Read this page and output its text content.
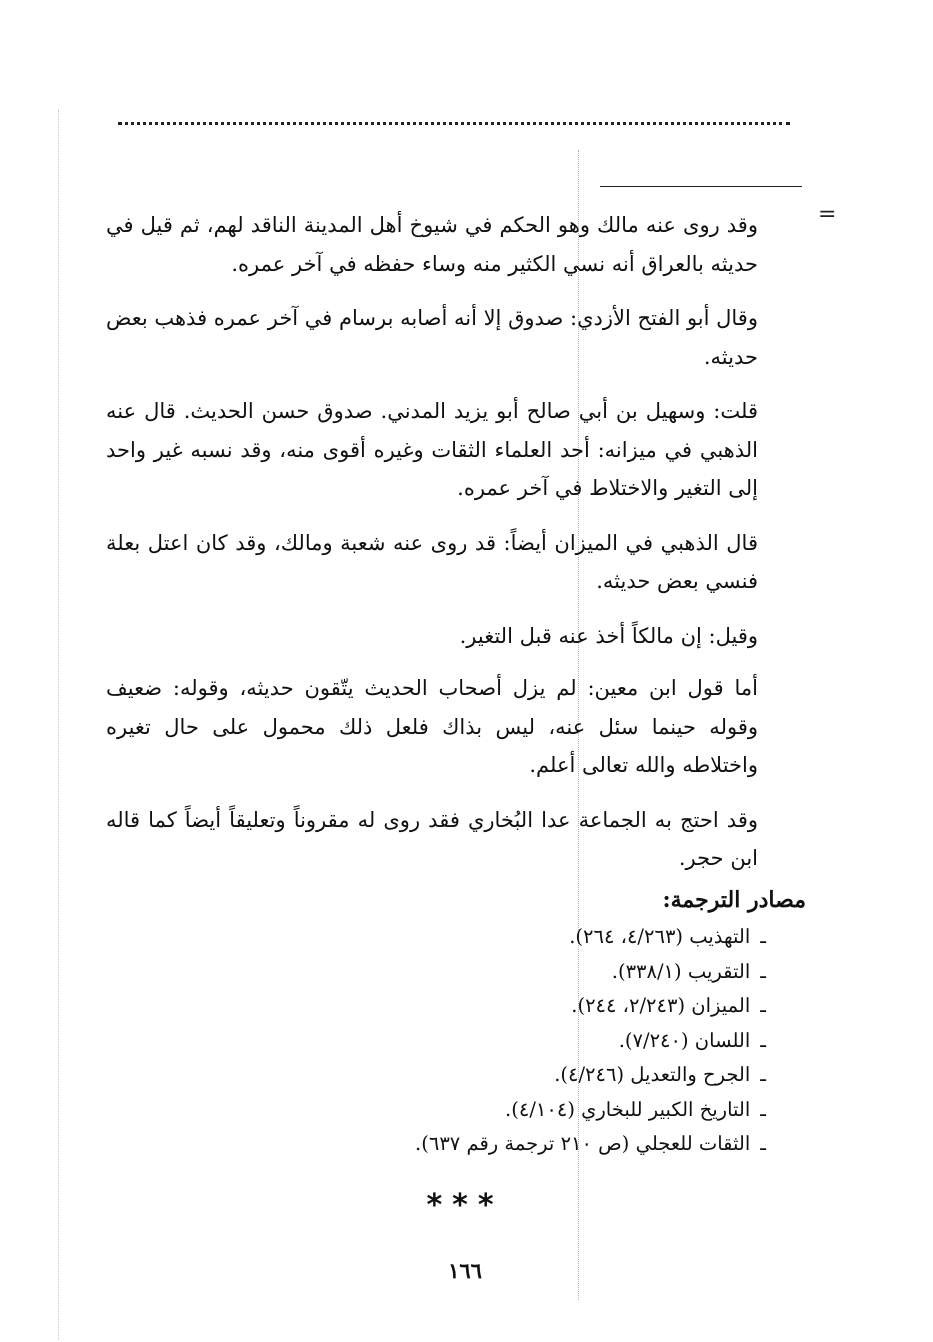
=

وقد روى عنه مالك وهو الحكم في شيوخ أهل المدينة الناقد لهم، ثم قيل في حديثه بالعراق أنه نسي الكثير منه وساء حفظه في آخر عمره.

وقال أبو الفتح الأزدي: صدوق إلا أنه أصابه برسام في آخر عمره فذهب بعض حديثه.

قلت: وسهيل بن أبي صالح أبو يزيد المدني. صدوق حسن الحديث. قال عنه الذهبي في ميزانه: أحد العلماء الثقات وغيره أقوى منه، وقد نسبه غير واحد إلى التغير والاختلاط في آخر عمره.

قال الذهبي في الميزان أيضاً: قد روى عنه شعبة ومالك، وقد كان اعتل بعلة فنسي بعض حديثه.

وقيل: إن مالكاً أخذ عنه قبل التغير.

أما قول ابن معين: لم يزل أصحاب الحديث يتّقون حديثه، وقوله: ضعيف وقوله حينما سئل عنه، ليس بذاك فلعل ذلك محمول على حال تغيره واختلاطه والله تعالى أعلم.

وقد احتج به الجماعة عدا البُخاري فقد روى له مقروناً وتعليقاً أيضاً كما قاله ابن حجر.

مصادر الترجمة:
ـالتهذيب (٤/٢٦٣، ٢٦٤).
ـالتقريب (٣٣٨/١).
ـالميزان (٢/٢٤٣، ٢٤٤).
ـاللسان (٧/٢٤٠).
ـالجرح والتعديل (٤/٢٤٦).
ـالتاريخ الكبير للبخاري (٤/١٠٤).
ـالثقات للعجلي (ص ٢١٠ ترجمة رقم ٦٣٧).
***
١٦٦
